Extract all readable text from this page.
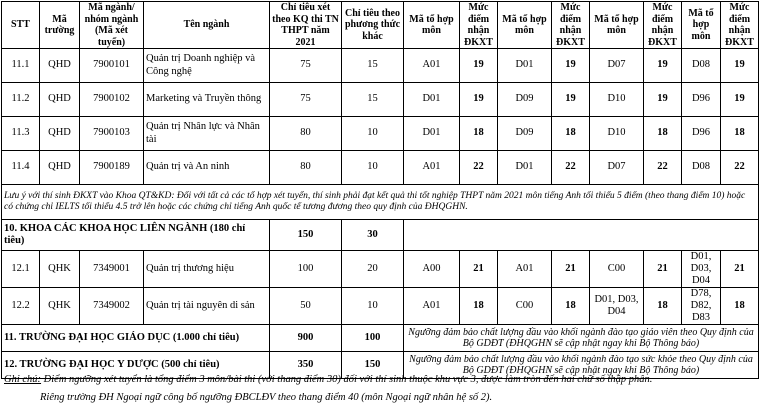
STT	Mã trường	Mã ngành/ nhóm ngành (Mã xét tuyển)	Tên ngành	Chỉ tiêu xét theo KQ thi TN THPT năm 2021	Chỉ tiêu theo phương thức khác	Mã tổ hợp môn	Mức điểm nhận ĐKXT	Mã tổ hợp môn	Mức điểm nhận ĐKXT	Mã tổ hợp môn	Mức điểm nhận ĐKXT	Mã tổ hợp môn	Mức điểm nhận ĐKXT
11.1	QHD	7900101	Quản trị Doanh nghiệp và Công nghệ	75	15	A01	19	D01	19	D07	19	D08	19
11.2	QHD	7900102	Marketing và Truyền thông	75	15	D01	19	D09	19	D10	19	D96	19
11.3	QHD	7900103	Quản trị Nhân lực và Nhân tài	80	10	D01	18	D09	18	D10	18	D96	18
11.4	QHD	7900189	Quản trị và An ninh	80	10	A01	22	D01	22	D07	22	D08	22
Lưu ý với thí sinh ĐKXT vào Khoa QT&KD: Đối với tất cả các tổ hợp xét tuyển, thí sinh phải đạt kết quả thi tốt nghiệp THPT năm 2021 môn tiếng Anh tối thiểu 5 điểm (theo thang điểm 10) hoặc có chứng chỉ IELTS tối thiểu 4.5 trở lên hoặc các chứng chỉ tiếng Anh quốc tế tương đương theo quy định của ĐHQGHN.													
10. KHOA CÁC KHOA HỌC LIÊN NGÀNH (180 chỉ tiêu)				150	30								
12.1	QHK	7349001	Quản trị thương hiệu	100	20	A00	21	A01	21	C00	21	D01, D03, D04	21
12.2	QHK	7349002	Quản trị tài nguyên di sản	50	10	A01	18	C00	18	D01, D03, D04	18	D78, D82, D83	18
11. TRƯỜNG ĐẠI HỌC GIÁO DỤC (1.000 chỉ tiêu)				900	100	Ngưỡng đảm bảo chất lượng đầu vào khối ngành đào tạo giáo viên theo Quy định của Bộ GDĐT (ĐHQGHN sẽ cập nhật ngay khi Bộ Thông báo)							
12. TRƯỜNG ĐẠI HỌC Y DƯỢC (500 chỉ tiêu)				350	150	Ngưỡng đảm bảo chất lượng đầu vào khối ngành đào tạo sức khỏe theo Quy định của Bộ GDĐT (ĐHQGHN sẽ cập nhật ngay khi Bộ Thông báo)							
Ghi chú: Điểm ngưỡng xét tuyển là tổng điểm 3 môn/bài thi (với thang điểm 30) đối với thí sinh thuộc khu vực 3, được làm tròn đến hai chữ số thập phân.
Riêng trường ĐH Ngoại ngữ công bố ngưỡng ĐBCLĐV theo thang điểm 40 (môn Ngoại ngữ nhân hệ số 2).
